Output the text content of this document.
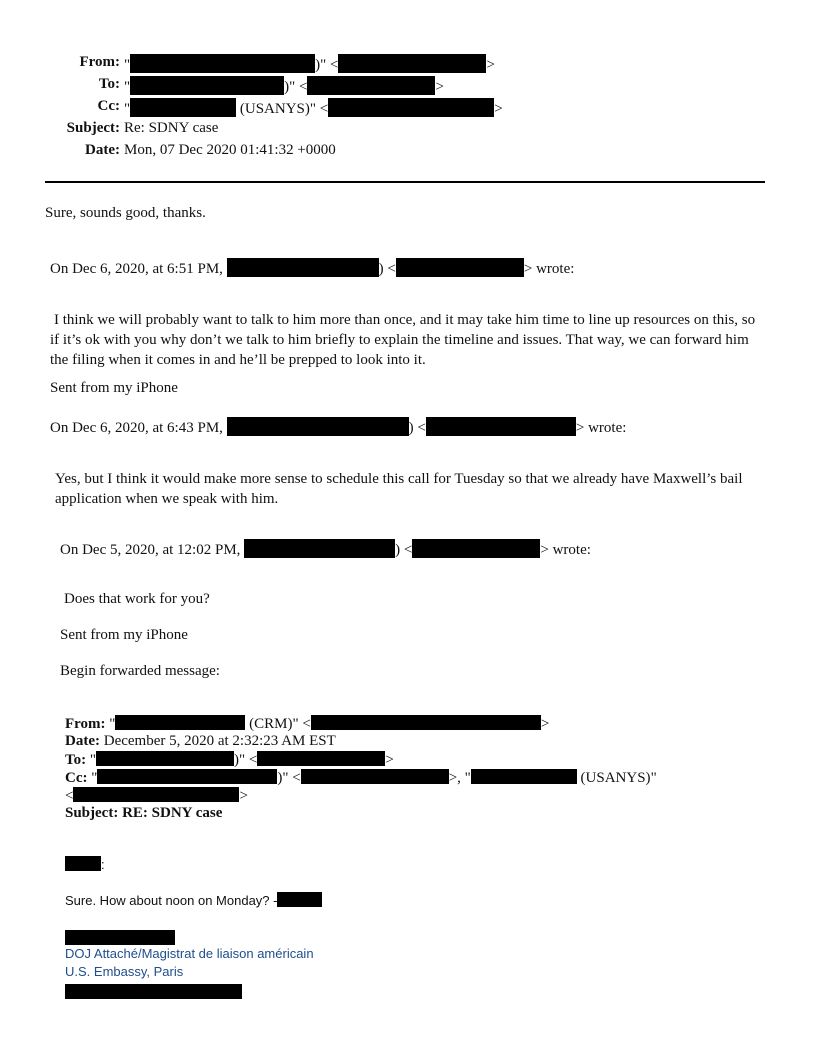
From: "	)" <	>
To: "	)" <	>
Cc: "	(USANYS)" <	>
Subject: Re: SDNY case
Date: Mon, 07 Dec 2020 01:41:32 +0000
Sure, sounds good, thanks.
On Dec 6, 2020, at 6:51 PM,	) <	> wrote:
I think we will probably want to talk to him more than once, and it may take him time to line up resources on this, so if it’s ok with you why don’t we talk to him briefly to explain the timeline and issues. That way, we can forward him the filing when it comes in and he’ll be prepped to look into it.
Sent from my iPhone
On Dec 6, 2020, at 6:43 PM,	) <	> wrote:
Yes, but I think it would make more sense to schedule this call for Tuesday so that we already have Maxwell’s bail application when we speak with him.
On Dec 5, 2020, at 12:02 PM,	) <	> wrote:
Does that work for you?
Sent from my iPhone
Begin forwarded message:
From: "	(CRM)" <	>
Date: December 5, 2020 at 2:32:23 AM EST
To: "	)" <	>
Cc: "	)" <	>, "	(USANYS)"
<	>
Subject: RE: SDNY case
:
Sure. How about noon on Monday? -
DOJ Attaché/Magistrat de liaison américain
U.S. Embassy, Paris
